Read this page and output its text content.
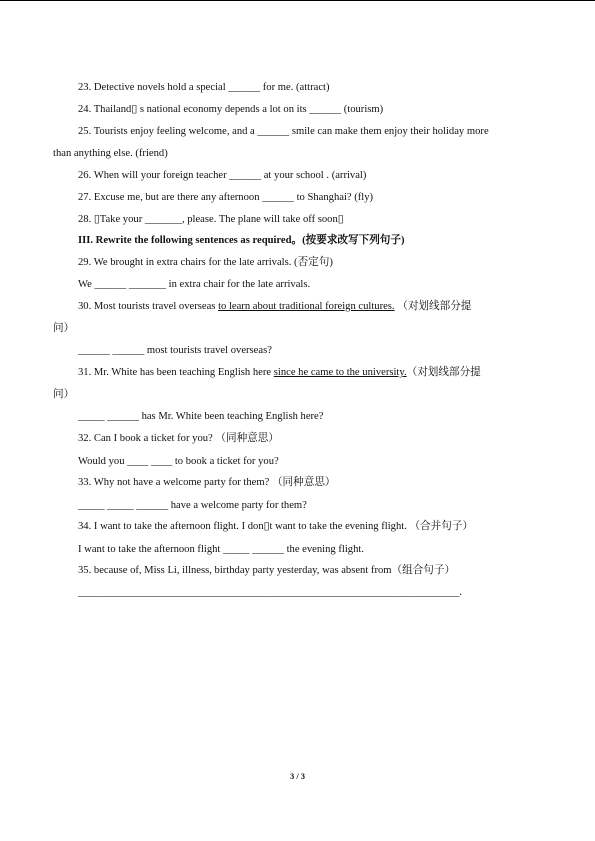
23. Detective novels hold a special ______ for me. (attract)
24. Thailand▯ s national economy depends a lot on its ______ (tourism)
25. Tourists enjoy feeling welcome, and a ______ smile can make them enjoy their holiday more
than anything else. (friend)
26. When will your foreign teacher ______ at your school . (arrival)
27. Excuse me, but are there any afternoon ______ to Shanghai? (fly)
28. ▯Take your _______, please. The plane will take off soon▯
III. Rewrite the following sentences as required。(按要求改写下列句子)
29. We brought in extra chairs for the late arrivals. (否定句)
We ______ _______ in extra chair for the late arrivals.
30. Most tourists travel overseas to learn about traditional foreign cultures. （对划线部分提
问）
______ ______ most tourists travel overseas?
31. Mr. White has been teaching English here since he came to the university.（对划线部分提
问）
_____ ______ has Mr. White been teaching English here?
32. Can I book a ticket for you? （同种意思）
Would you ____ ____ to book a ticket for you?
33. Why not have a welcome party for them? （同种意思）
_____ _____ ______ have a welcome party for them?
34. I want to take the afternoon flight. I don▯t want to take the evening flight. （合并句子）
I want to take the afternoon flight _____ ______ the evening flight.
35. because of, Miss Li, illness, birthday party yesterday, was absent from（组合句子）
________________________________________________________________________.
3 / 3
